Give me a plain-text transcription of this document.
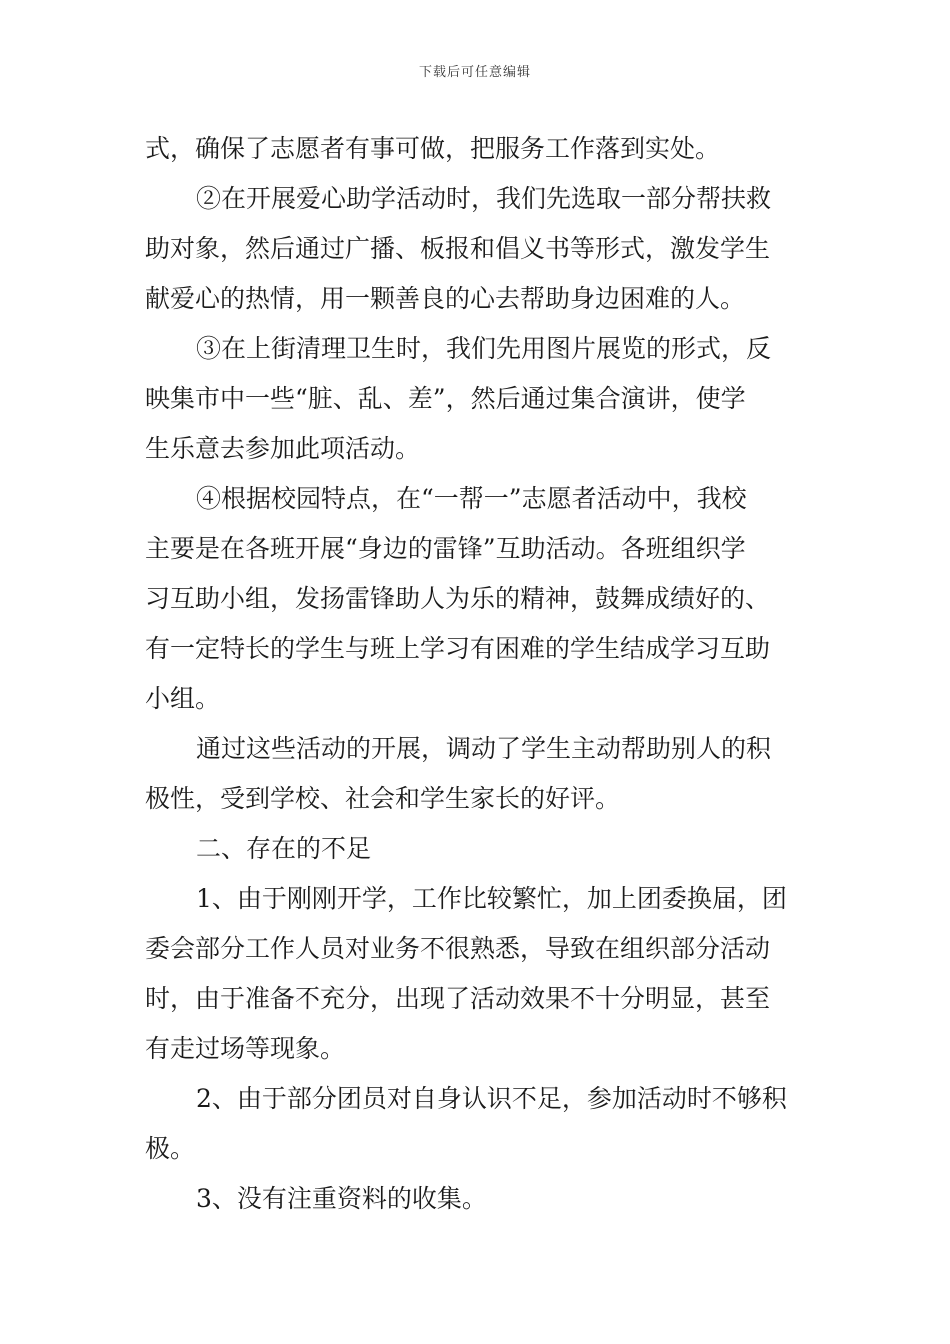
下载后可任意编辑
式，确保了志愿者有事可做，把服务工作落到实处。
②在开展爱心助学活动时，我们先选取一部分帮扶救
助对象，然后通过广播、板报和倡义书等形式，激发学生
献爱心的热情，用一颗善良的心去帮助身边困难的人。
③在上街清理卫生时，我们先用图片展览的形式，反
映集市中一些“脏、乱、差”，然后通过集合演讲，使学
生乐意去参加此项活动。
④根据校园特点，在“一帮一”志愿者活动中，我校
主要是在各班开展“身边的雷锋”互助活动。各班组织学
习互助小组，发扬雷锋助人为乐的精神，鼓舞成绩好的、
有一定特长的学生与班上学习有困难的学生结成学习互助
小组。
通过这些活动的开展，调动了学生主动帮助别人的积
极性，受到学校、社会和学生家长的好评。
二、存在的不足
1、由于刚刚开学，工作比较繁忙，加上团委换届，团
委会部分工作人员对业务不很熟悉，导致在组织部分活动
时，由于准备不充分，出现了活动效果不十分明显，甚至
有走过场等现象。
2、由于部分团员对自身认识不足，参加活动时不够积
极。
3、没有注重资料的收集。
